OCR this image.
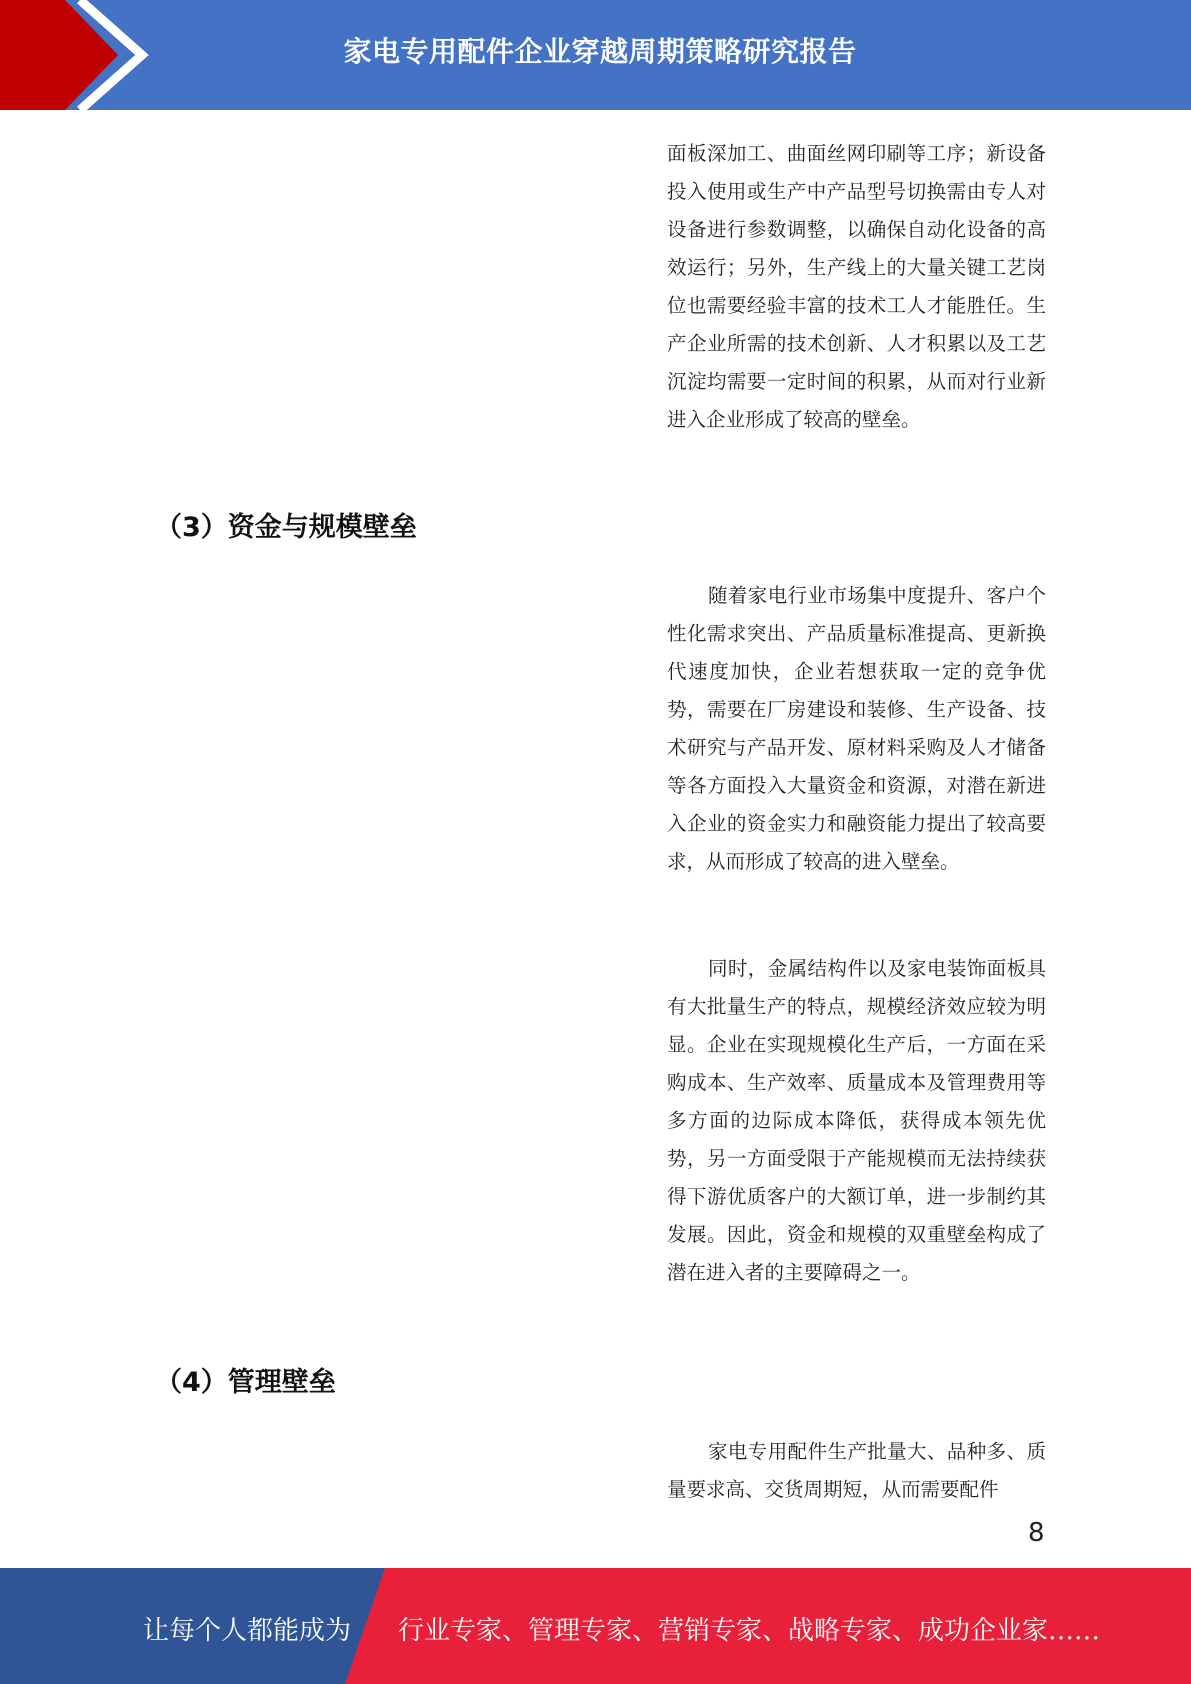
家电专用配件企业穿越周期策略研究报告

面板深加工、曲面丝网印刷等工序；新设备投入使用或生产中产品型号切换需由专人对设备进行参数调整，以确保自动化设备的高效运行；另外，生产线上的大量关键工艺岗位也需要经验丰富的技术工人才能胜任。生产企业所需的技术创新、人才积累以及工艺沉淀均需要一定时间的积累，从而对行业新进入企业形成了较高的壁垒。

（3）资金与规模壁垒

随着家电行业市场集中度提升、客户个性化需求突出、产品质量标准提高、更新换代速度加快，企业若想获取一定的竞争优势，需要在厂房建设和装修、生产设备、技术研究与产品开发、原材料采购及人才储备等各方面投入大量资金和资源，对潜在新进入企业的资金实力和融资能力提出了较高要求，从而形成了较高的进入壁垒。

同时，金属结构件以及家电装饰面板具有大批量生产的特点，规模经济效应较为明显。企业在实现规模化生产后，一方面在采购成本、生产效率、质量成本及管理费用等多方面的边际成本降低，获得成本领先优势，另一方面受限于产能规模而无法持续获得下游优质客户的大额订单，进一步制约其发展。因此，资金和规模的双重壁垒构成了潜在进入者的主要障碍之一。

（4）管理壁垒

家电专用配件生产批量大、品种多、质量要求高、交货周期短，从而需要配件

8
让每个人都能成为 行业专家、管理专家、营销专家、战略专家、成功企业家……
